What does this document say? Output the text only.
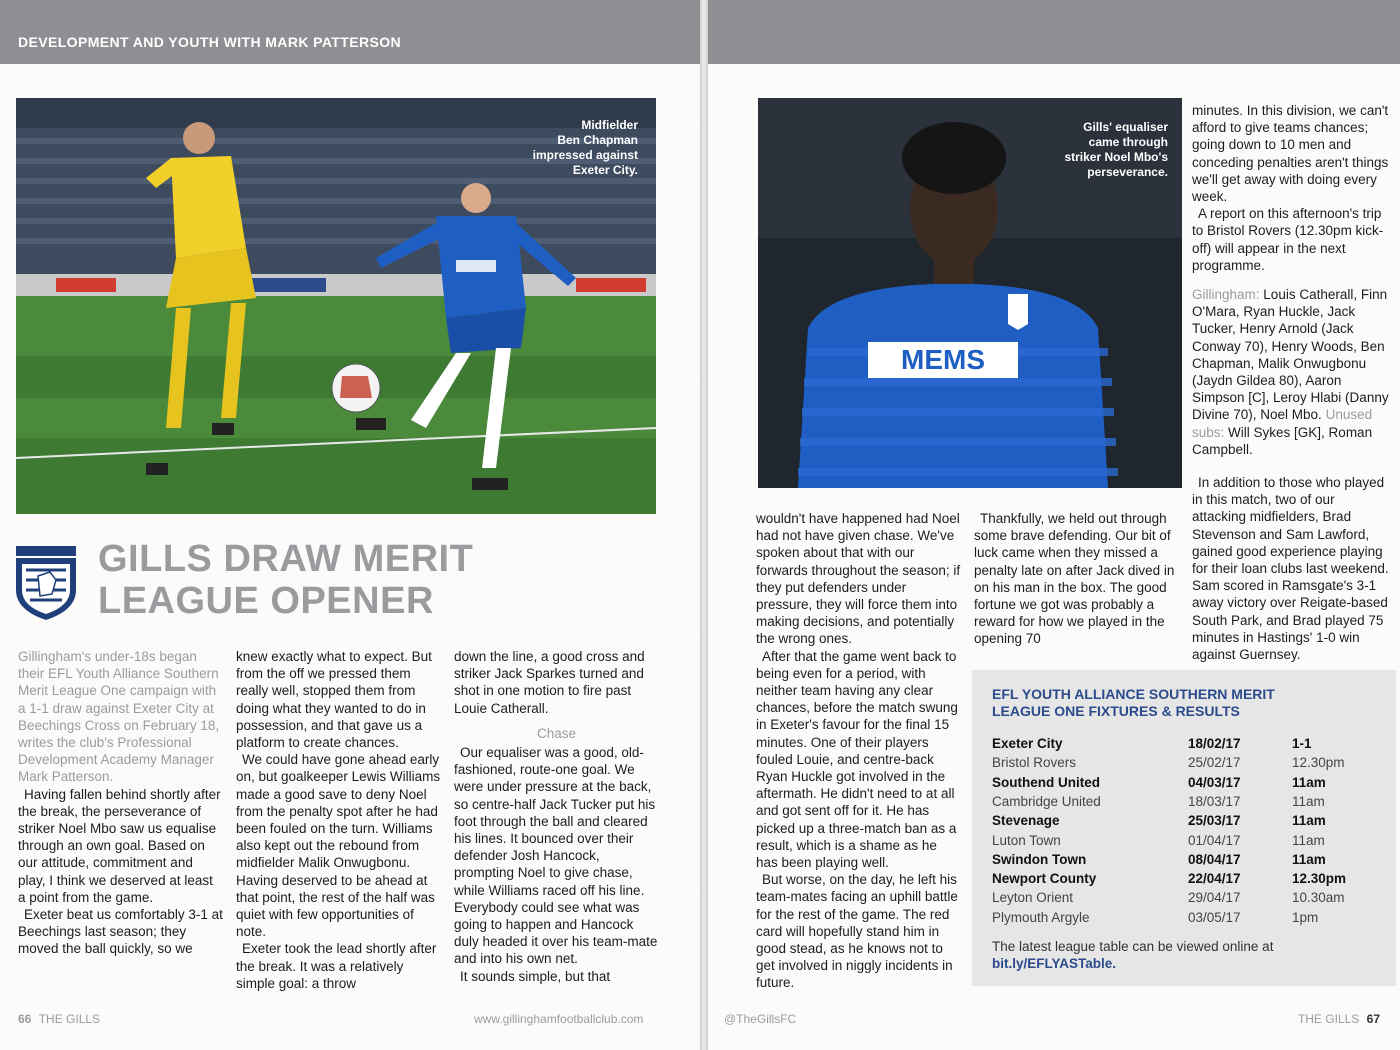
DEVELOPMENT AND YOUTH WITH MARK PATTERSON
Midfielder
Ben Chapman
impressed against
Exeter City.
GILLS DRAW MERIT
LEAGUE OPENER

Gillingham's under-18s began their EFL Youth Alliance Southern Merit League One campaign with a 1-1 draw against Exeter City at Beechings Cross on February 18, writes the club's Professional Development Academy Manager Mark Patterson.

Having fallen behind shortly after the break, the perseverance of striker Noel Mbo saw us equalise through an own goal. Based on our attitude, commitment and play, I think we deserved at least a point from the game.

Exeter beat us comfortably 3-1 at Beechings last season; they moved the ball quickly, so we

knew exactly what to expect. But from the off we pressed them really well, stopped them from doing what they wanted to do in possession, and that gave us a platform to create chances.

We could have gone ahead early on, but goalkeeper Lewis Williams made a good save to deny Noel from the penalty spot after he had been fouled on the turn. Williams also kept out the rebound from midfielder Malik Onwugbonu. Having deserved to be ahead at that point, the rest of the half was quiet with few opportunities of note.

Exeter took the lead shortly after the break. It was a relatively simple goal: a throw

down the line, a good cross and striker Jack Sparkes turned and shot in one motion to fire past Louie Catherall.

Chase

Our equaliser was a good, old-fashioned, route-one goal. We were under pressure at the back, so centre-half Jack Tucker put his foot through the ball and cleared his lines. It bounced over their defender Josh Hancock, prompting Noel to give chase, while Williams raced off his line. Everybody could see what was going to happen and Hancock duly headed it over his team-mate and into his own net.

It sounds simple, but that

66 THE GILLS	www.gillinghamfootballclub.com
MEMS
Gills' equaliser
came through
striker Noel Mbo's
perseverance.

minutes. In this division, we can't afford to give teams chances; going down to 10 men and conceding penalties aren't things we'll get away with doing every week.

A report on this afternoon's trip to Bristol Rovers (12.30pm kick-off) will appear in the next programme.

Gillingham: Louis Catherall, Finn O'Mara, Ryan Huckle, Jack Tucker, Henry Arnold (Jack Conway 70), Henry Woods, Ben Chapman, Malik Onwugbonu (Jaydn Gildea 80), Aaron Simpson [C], Leroy Hlabi (Danny Divine 70), Noel Mbo. Unused subs: Will Sykes [GK], Roman Campbell.

In addition to those who played in this match, two of our attacking midfielders, Brad Stevenson and Sam Lawford, gained good experience playing for their loan clubs last weekend. Sam scored in Ramsgate's 3-1 away victory over Reigate-based South Park, and Brad played 75 minutes in Hastings' 1-0 win against Guernsey.

wouldn't have happened had Noel had not have given chase. We've spoken about that with our forwards throughout the season; if they put defenders under pressure, they will force them into making decisions, and potentially the wrong ones.

After that the game went back to being even for a period, with neither team having any clear chances, before the match swung in Exeter's favour for the final 15 minutes. One of their players fouled Louie, and centre-back Ryan Huckle got involved in the aftermath. He didn't need to at all and got sent off for it. He has picked up a three-match ban as a result, which is a shame as he has been playing well.

But worse, on the day, he left his team-mates facing an uphill battle for the rest of the game. The red card will hopefully stand him in good stead, as he knows not to get involved in niggly incidents in future.

Thankfully, we held out through some brave defending. Our bit of luck came when they missed a penalty late on after Jack dived in on his man in the box. The good fortune we got was probably a reward for how we played in the opening 70

EFL YOUTH ALLIANCE SOUTHERN MERIT LEAGUE ONE FIXTURES & RESULTS
Exeter City	18/02/17	1-1
Bristol Rovers	25/02/17	12.30pm
Southend United	04/03/17	11am
Cambridge United	18/03/17	11am
Stevenage	25/03/17	11am
Luton Town	01/04/17	11am
Swindon Town	08/04/17	11am
Newport County	22/04/17	12.30pm
Leyton Orient	29/04/17	10.30am
Plymouth Argyle	03/05/17	1pm
The latest league table can be viewed online at
bit.ly/EFLYASTable.
@TheGillsFC	THE GILLS 67
